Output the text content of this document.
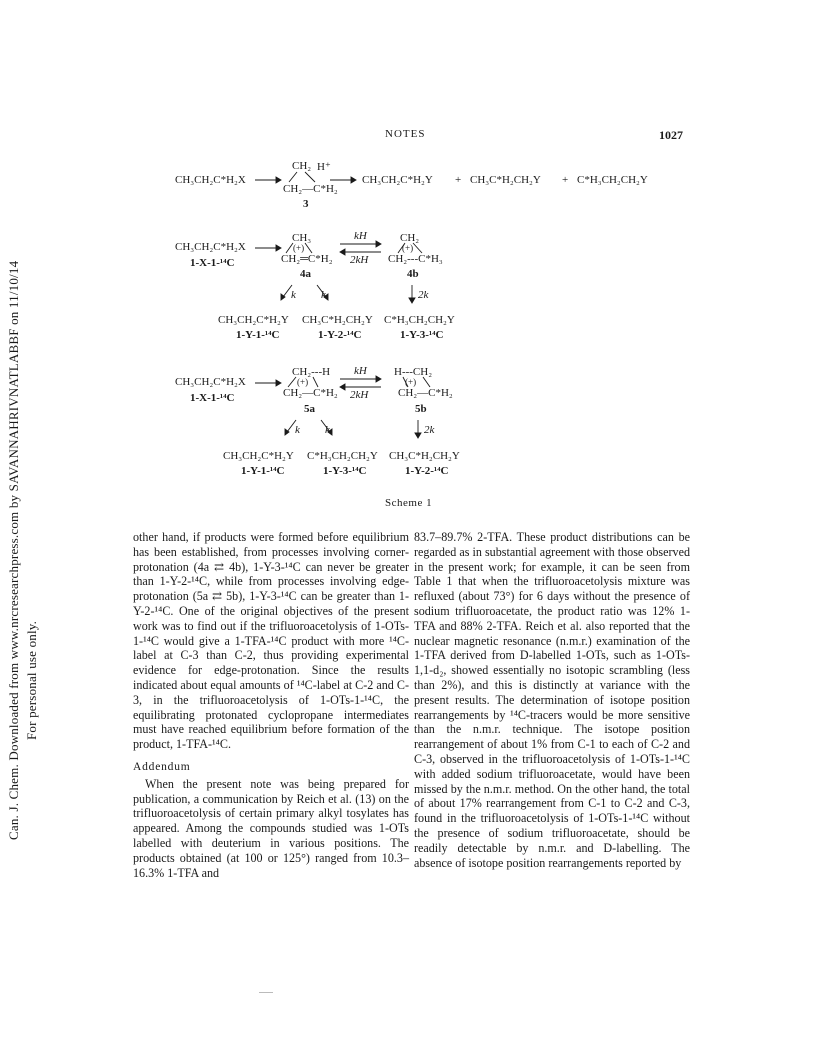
Can. J. Chem. Downloaded from www.nrcresearchpress.com by SAVANNAHRIVNATLABBF on 11/10/14 For personal use only.
NOTES	1027
CH₃CH₂C*H₂X
CH₂ H⁺
CH₂—C*H₂
3
CH₃CH₂C*H₂Y + CH₃C*H₂CH₂Y + C*H₃CH₂CH₂Y
CH₃CH₂C*H₂X
1-X-1-¹⁴C
CH₃
(+)
CH₂═C*H₂
4a
kH
2kH
CH₂
(+)
CH₂---C*H₃
4b
k k	2k
CH₃CH₂C*H₂Y
1-Y-1-¹⁴C
CH₃C*H₂CH₂Y
1-Y-2-¹⁴C
C*H₃CH₂CH₂Y
1-Y-3-¹⁴C
CH₃CH₂C*H₂X
1-X-1-¹⁴C
CH₂---H
(+)
CH₂—C*H₂
5a
kH
2kH
H---CH₂
(+)
CH₂—C*H₂
5b
k k	2k
CH₃CH₂C*H₂Y
1-Y-1-¹⁴C
C*H₃CH₂CH₂Y
1-Y-3-¹⁴C
CH₃C*H₂CH₂Y
1-Y-2-¹⁴C
Scheme 1

other hand, if products were formed before equilibrium has been established, from processes involving corner-protonation (4a ⇄ 4b), 1-Y-3-¹⁴C can never be greater than 1-Y-2-¹⁴C, while from processes involving edge-protonation (5a ⇄ 5b), 1-Y-3-¹⁴C can be greater than 1-Y-2-¹⁴C. One of the original objectives of the present work was to find out if the trifluoroacetolysis of 1-OTs-1-¹⁴C would give a 1-TFA-¹⁴C product with more ¹⁴C-label at C-3 than C-2, thus providing experimental evidence for edge-protonation. Since the results indicated about equal amounts of ¹⁴C-label at C-2 and C-3, in the trifluoroacetolysis of 1-OTs-1-¹⁴C, the equilibrating protonated cyclopropane intermediates must have reached equilibrium before formation of the product, 1-TFA-¹⁴C.

Addendum

When the present note was being prepared for publication, a communication by Reich et al. (13) on the trifluoroacetolysis of certain primary alkyl tosylates has appeared. Among the compounds studied was 1-OTs labelled with deuterium in various positions. The products obtained (at 100 or 125°) ranged from 10.3–16.3% 1-TFA and

83.7–89.7% 2-TFA. These product distributions can be regarded as in substantial agreement with those observed in the present work; for example, it can be seen from Table 1 that when the trifluoroacetolysis mixture was refluxed (about 73°) for 6 days without the presence of sodium trifluoroacetate, the product ratio was 12% 1-TFA and 88% 2-TFA. Reich et al. also reported that the nuclear magnetic resonance (n.m.r.) examination of the 1-TFA derived from D-labelled 1-OTs, such as 1-OTs-1,1-d₂, showed essentially no isotopic scrambling (less than 2%), and this is distinctly at variance with the present results. The determination of isotope position rearrangements by ¹⁴C-tracers would be more sensitive than the n.m.r. technique. The isotope position rearrangement of about 1% from C-1 to each of C-2 and C-3, observed in the trifluoroacetolysis of 1-OTs-1-¹⁴C with added sodium trifluoroacetate, would have been missed by the n.m.r. method. On the other hand, the total of about 17% rearrangement from C-1 to C-2 and C-3, found in the trifluoroacetolysis of 1-OTs-1-¹⁴C without the presence of sodium trifluoroacetate, should be readily detectable by n.m.r. and D-labelling. The absence of isotope position rearrangements reported by
